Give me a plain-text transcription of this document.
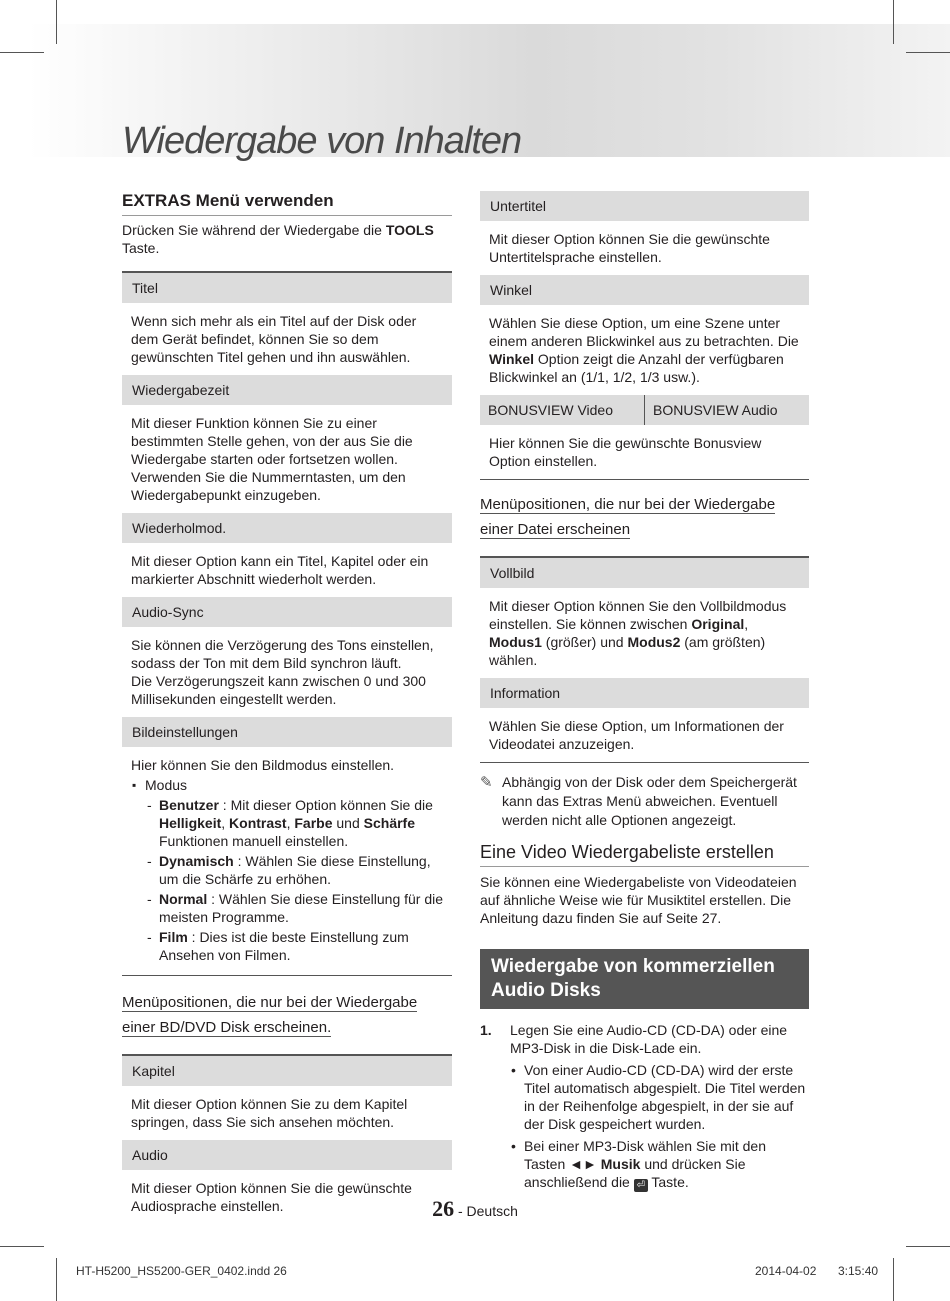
Wiedergabe von Inhalten
EXTRAS Menü verwenden

Drücken Sie während der Wiedergabe die TOOLS Taste.

Titel
Wenn sich mehr als ein Titel auf der Disk oder dem Gerät befindet, können Sie so dem gewünschten Titel gehen und ihn auswählen.
Wiedergabezeit
Mit dieser Funktion können Sie zu einer bestimmten Stelle gehen, von der aus Sie die Wiedergabe starten oder fortsetzen wollen. Verwenden Sie die Nummerntasten, um den Wiedergabepunkt einzugeben.
Wiederholmod.
Mit dieser Option kann ein Titel, Kapitel oder ein markierter Abschnitt wiederholt werden.
Audio-Sync
Sie können die Verzögerung des Tons einstellen, sodass der Ton mit dem Bild synchron läuft.
Die Verzögerungszeit kann zwischen 0 und 300 Millisekunden eingestellt werden.
Bildeinstellungen
Hier können Sie den Bildmodus einstellen.
▪ Modus
- Benutzer : Mit dieser Option können Sie die Helligkeit, Kontrast, Farbe und Schärfe Funktionen manuell einstellen.
- Dynamisch : Wählen Sie diese Einstellung, um die Schärfe zu erhöhen.
- Normal : Wählen Sie diese Einstellung für die meisten Programme.
- Film : Dies ist die beste Einstellung zum Ansehen von Filmen.
Menüpositionen, die nur bei der Wiedergabe
einer BD/DVD Disk erscheinen.
Kapitel
Mit dieser Option können Sie zu dem Kapitel springen, dass Sie sich ansehen möchten.
Audio
Mit dieser Option können Sie die gewünschte Audiosprache einstellen.
Untertitel
Mit dieser Option können Sie die gewünschte Untertitelsprache einstellen.
Winkel
Wählen Sie diese Option, um eine Szene unter einem anderen Blickwinkel aus zu betrachten. Die Winkel Option zeigt die Anzahl der verfügbaren Blickwinkel an (1/1, 1/2, 1/3 usw.).
BONUSVIEW Video	BONUSVIEW Audio
Hier können Sie die gewünschte Bonusview Option einstellen.
Menüpositionen, die nur bei der Wiedergabe
einer Datei erscheinen
Vollbild
Mit dieser Option können Sie den Vollbildmodus einstellen. Sie können zwischen Original, Modus1 (größer) und Modus2 (am größten) wählen.
Information
Wählen Sie diese Option, um Informationen der Videodatei anzuzeigen.
✎ Abhängig von der Disk oder dem Speichergerät kann das Extras Menü abweichen. Eventuell werden nicht alle Optionen angezeigt.
Eine Video Wiedergabeliste erstellen
Sie können eine Wiedergabeliste von Videodateien auf ähnliche Weise wie für Musiktitel erstellen. Die Anleitung dazu finden Sie auf Seite 27.
Wiedergabe von kommerziellen
Audio Disks
1. Legen Sie eine Audio-CD (CD-DA) oder eine MP3-Disk in die Disk-Lade ein.
• Von einer Audio-CD (CD-DA) wird der erste Titel automatisch abgespielt. Die Titel werden in der Reihenfolge abgespielt, in der sie auf der Disk gespeichert wurden.
• Bei einer MP3-Disk wählen Sie mit den Tasten ◄► Musik und drücken Sie anschließend die ⏎ Taste.
26 - Deutsch
HT-H5200_HS5200-GER_0402.indd 26	2014-04-02 3:15:40
